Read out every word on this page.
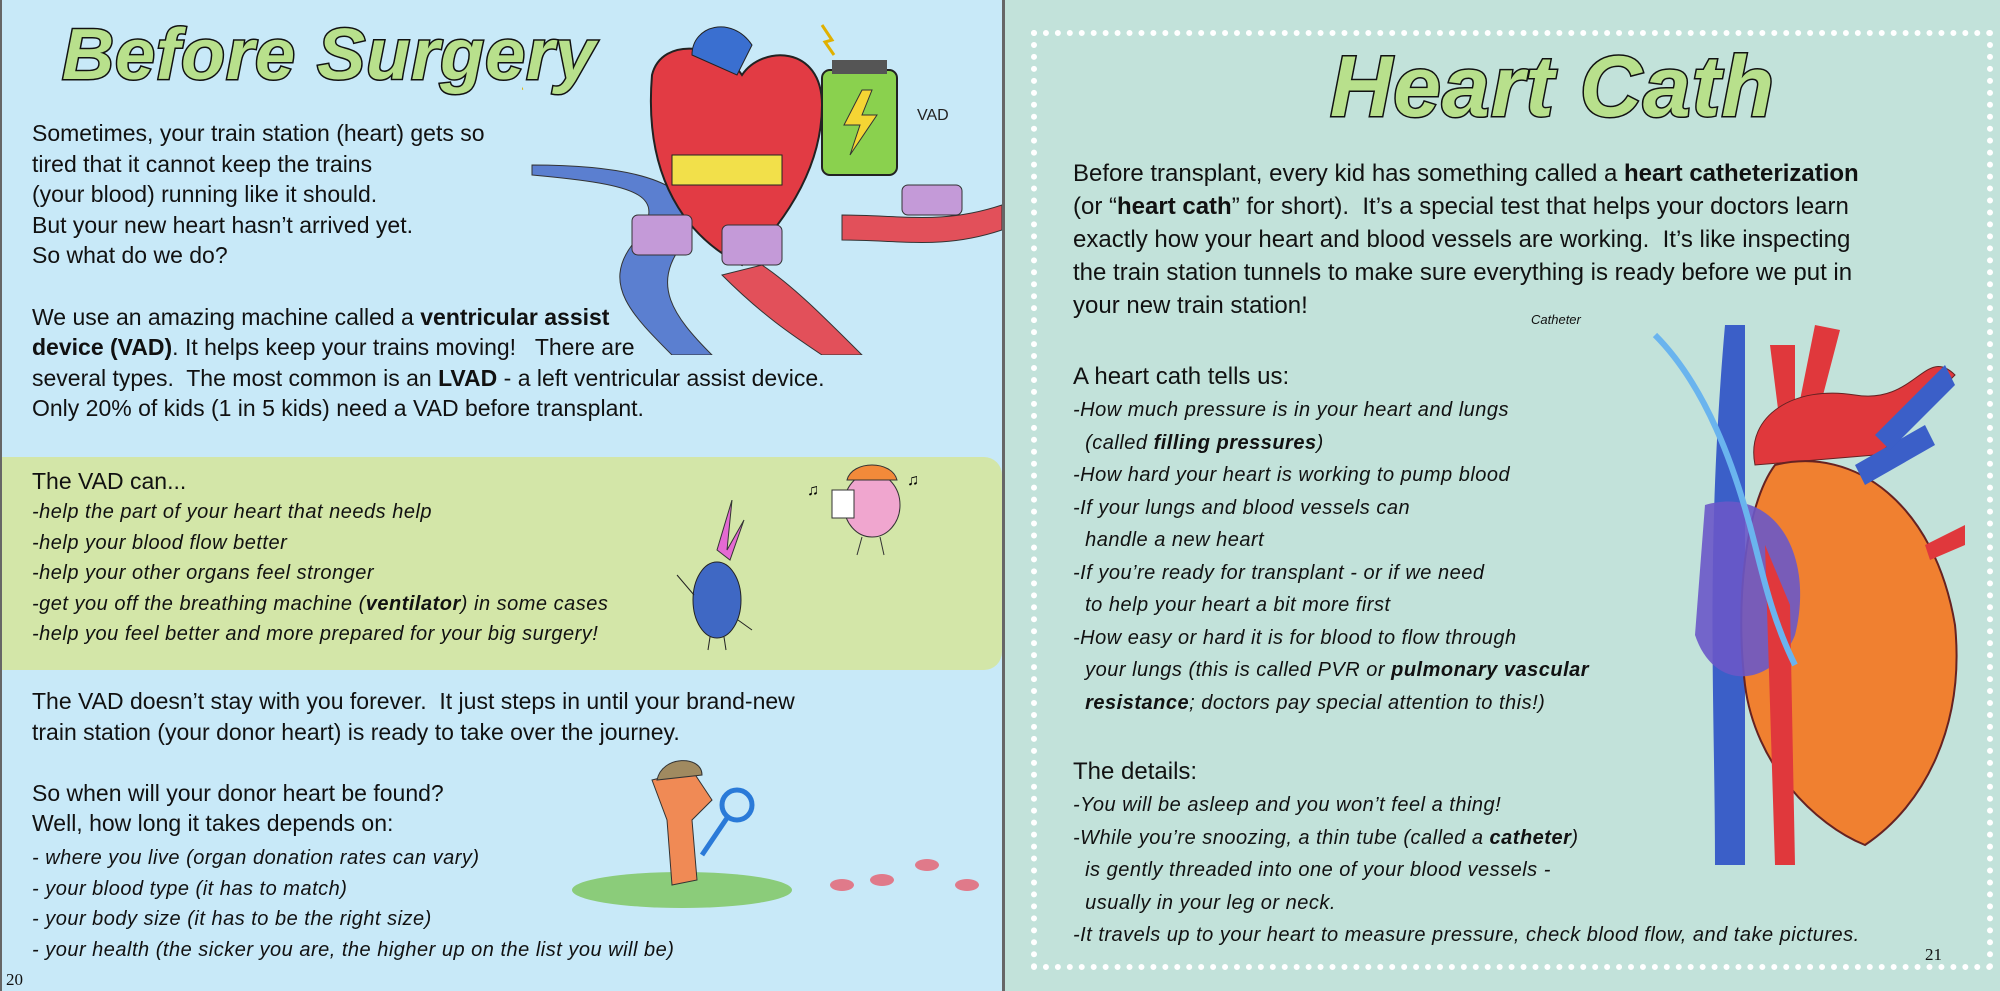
Before Surgery
VAD
Sometimes, your train station (heart) gets so
tired that it cannot keep the trains
(your blood) running like it should.
But your new heart hasn’t arrived yet.
So what do we do?
We use an amazing machine called a ventricular assist
device (VAD). It helps keep your trains moving!   There are
several types.  The most common is an LVAD - a left ventricular assist device.
Only 20% of kids (1 in 5 kids) need a VAD before transplant.
The VAD can...
-help the part of your heart that needs help
-help your blood flow better
-help your other organs feel stronger
-get you off the breathing machine (ventilator) in some cases
-help you feel better and more prepared for your big surgery!
♫
♫
The VAD doesn’t stay with you forever.  It just steps in until your brand-new
train station (your donor heart) is ready to take over the journey.
So when will your donor heart be found?
Well, how long it takes depends on:
- where you live (organ donation rates can vary)
- your blood type (it has to match)
- your body size (it has to be the right size)
- your health (the sicker you are, the higher up on the list you will be)
20
Heart Cath
Before transplant, every kid has something called a heart catheterization
(or “heart cath” for short).  It’s a special test that helps your doctors learn
exactly how your heart and blood vessels are working.  It’s like inspecting
the train station tunnels to make sure everything is ready before we put in
your new train station!
Catheter
A heart cath tells us:
-How much pressure is in your heart and lungs
(called filling pressures)
-How hard your heart is working to pump blood
-If your lungs and blood vessels can
handle a new heart
-If you’re ready for transplant - or if we need
to help your heart a bit more first
-How easy or hard it is for blood to flow through
your lungs (this is called PVR or pulmonary vascular
resistance; doctors pay special attention to this!)
The details:
-You will be asleep and you won’t feel a thing!
-While you’re snoozing, a thin tube (called a catheter)
is gently threaded into one of your blood vessels -
usually in your leg or neck.
-It travels up to your heart to measure pressure, check blood flow, and take pictures.
21
